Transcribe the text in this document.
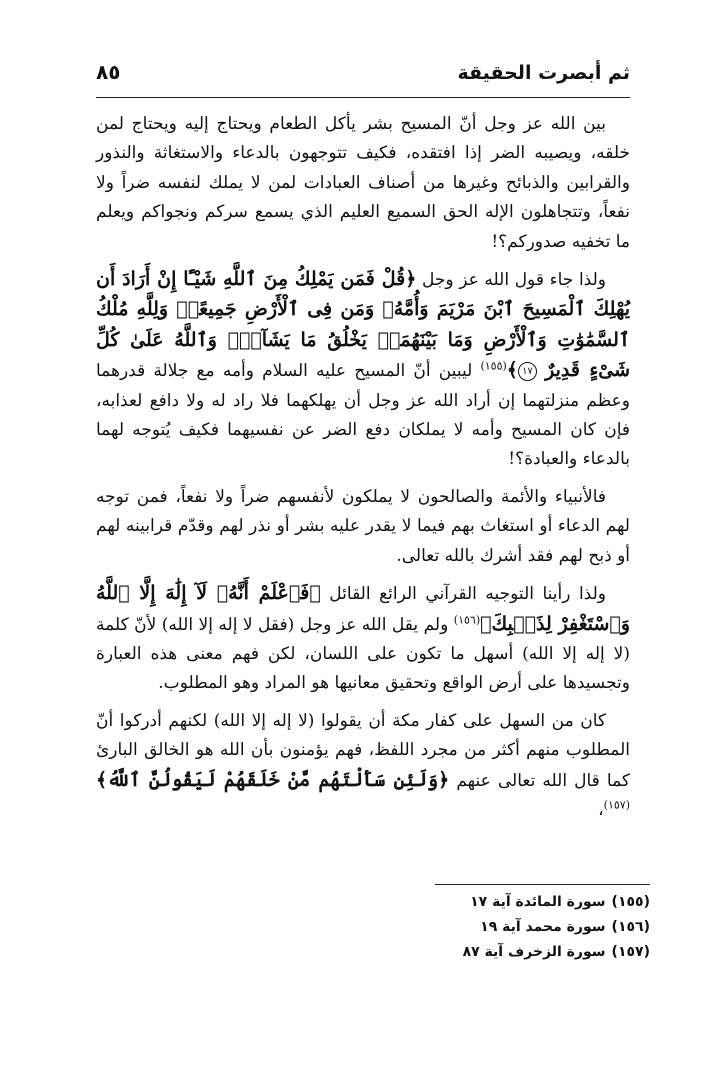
ثم أبصرت الحقيقة
٨٥

بين الله عز وجل أنّ المسيح بشر يأكل الطعام ويحتاج إليه ويحتاج لمن خلقه، ويصيبه الضر إذا افتقده، فكيف تتوجهون بالدعاء والاستغاثة والنذور والقرابين والذبائح وغيرها من أصناف العبادات لمن لا يملك لنفسه ضراً ولا نفعاً، وتتجاهلون الإله الحق السميع العليم الذي يسمع سركم ونجواكم ويعلم ما تخفيه صدوركم؟!

ولذا جاء قول الله عز وجل ﴿قُلْ فَمَن يَمْلِكُ مِنَ ٱللَّهِ شَيْـًٔا إِنْ أَرَادَ أَن يُهْلِكَ ٱلْمَسِيحَ ٱبْنَ مَرْيَمَ وَأُمَّهُۥ وَمَن فِى ٱلْأَرْضِ جَمِيعًاۗ وَلِلَّهِ مُلْكُ ٱلسَّمَٰوَٰتِ وَٱلْأَرْضِ وَمَا بَيْنَهُمَاۚ يَخْلُقُ مَا يَشَآءُۚ وَٱللَّهُ عَلَىٰ كُلِّ شَىْءٍ قَدِيرٌ ١٧﴾$^{(١٥٥)}$ ليبين أنّ المسيح عليه السلام وأمه مع جلالة قدرهما وعظم منزلتهما إن أراد الله عز وجل أن يهلكهما فلا راد له ولا دافع لعذابه، فإن كان المسيح وأمه لا يملكان دفع الضر عن نفسيهما فكيف يُتوجه لهما بالدعاء والعبادة؟!

فالأنبياء والأئمة والصالحون لا يملكون لأنفسهم ضراً ولا نفعاً، فمن توجه لهم الدعاء أو استغاث بهم فيما لا يقدر عليه بشر أو نذر لهم وقدّم قرابينه لهم أو ذبح لهم فقد أشرك بالله تعالى.

ولذا رأينا التوجيه القرآني الرائع القائل ﴿فَٱعْلَمْ أَنَّهُۥ لَآ إِلَٰهَ إِلَّا ٱللَّهُ وَٱسْتَغْفِرْ لِذَنۢبِكَ﴾$^{(١٥٦)}$ ولم يقل الله عز وجل (فقل لا إله إلا الله) لأنّ كلمة (لا إله إلا الله) أسهل ما تكون على اللسان، لكن فهم معنى هذه العبارة وتجسيدها على أرض الواقع وتحقيق معانيها هو المراد وهو المطلوب.

كان من السهل على كفار مكة أن يقولوا (لا إله إلا الله) لكنهم أدركوا أنّ المطلوب منهم أكثر من مجرد اللفظ، فهم يؤمنون بأن الله هو الخالق البارئ كما قال الله تعالى عنهم ﴿وَلَئِن سَأَلْتَهُم مَّنْ خَلَقَهُمْ لَيَقُولُنَّ ٱللَّهُ﴾$^{(١٥٧)}$،

(١٥٥)سورة المائدة آية ١٧
(١٥٦)سورة محمد آية ١٩
(١٥٧)سورة الزخرف آية ٨٧
